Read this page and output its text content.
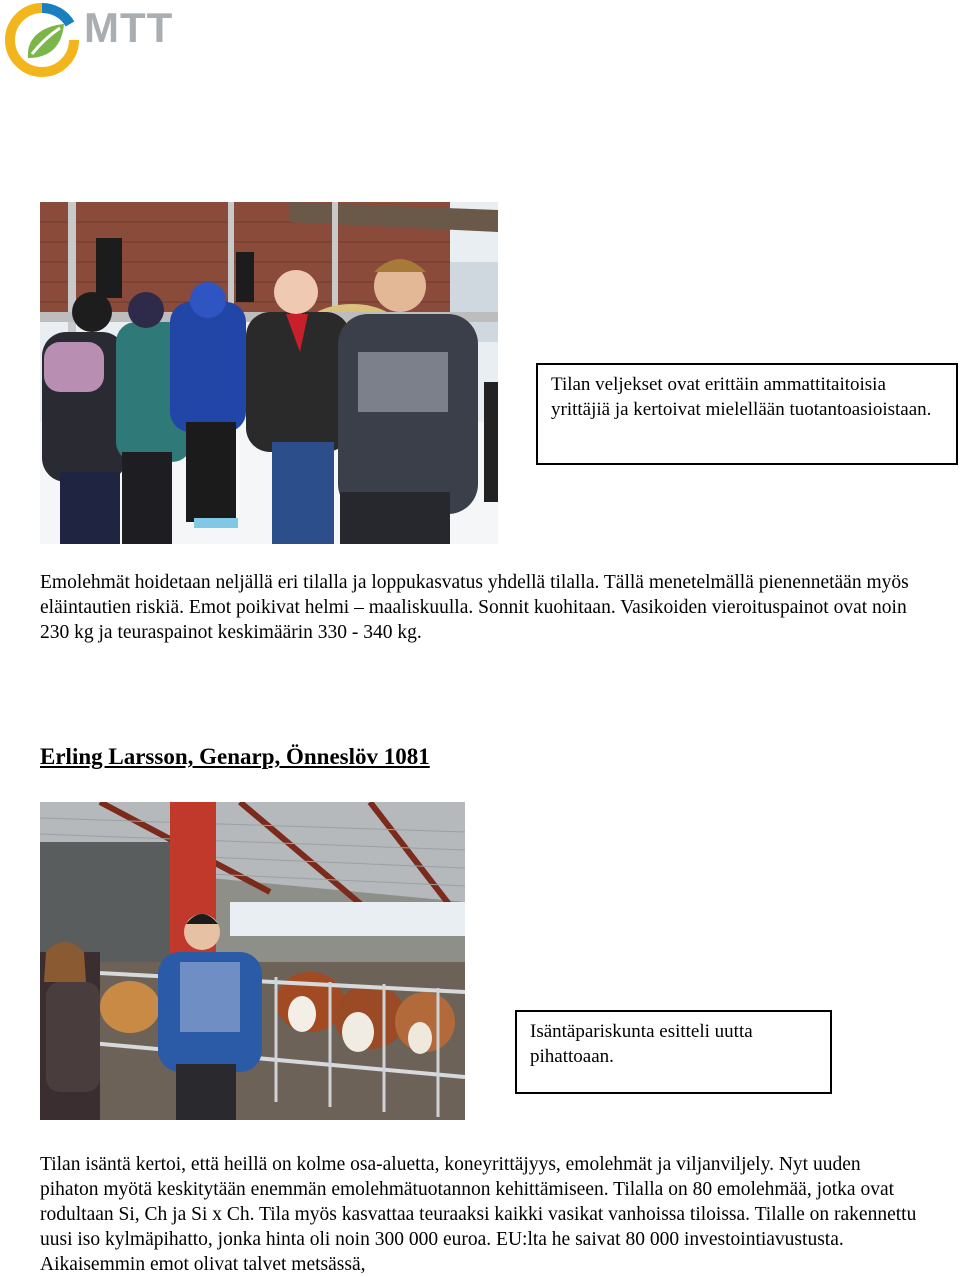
MTT
Tilan veljekset ovat erittäin ammattitaitoisia yrittäjiä ja kertoivat mielellään tuotantoasioistaan.

Emolehmät hoidetaan neljällä eri tilalla ja loppukasvatus yhdellä tilalla. Tällä menetelmällä pienennetään myös eläintautien riskiä. Emot poikivat helmi – maaliskuulla. Sonnit kuohitaan. Vasikoiden vieroituspainot ovat noin 230 kg ja teuraspainot keskimäärin 330 - 340 kg.

Erling Larsson, Genarp, Önneslöv 1081
Isäntäpariskunta esitteli uutta pihattoaan.

Tilan isäntä kertoi, että heillä on kolme osa-aluetta, koneyrittäjyys, emolehmät ja viljanviljely. Nyt uuden pihaton myötä keskitytään enemmän emolehmätuotannon kehittämiseen. Tilalla on 80 emolehmää, jotka ovat rodultaan Si, Ch ja Si x Ch. Tila myös kasvattaa teuraaksi kaikki vasikat vanhoissa tiloissa. Tilalle on rakennettu uusi iso kylmäpihatto, jonka hinta oli noin 300 000 euroa. EU:lta he saivat 80 000 investointiavustusta. Aikaisemmin emot olivat talvet metsässä,
